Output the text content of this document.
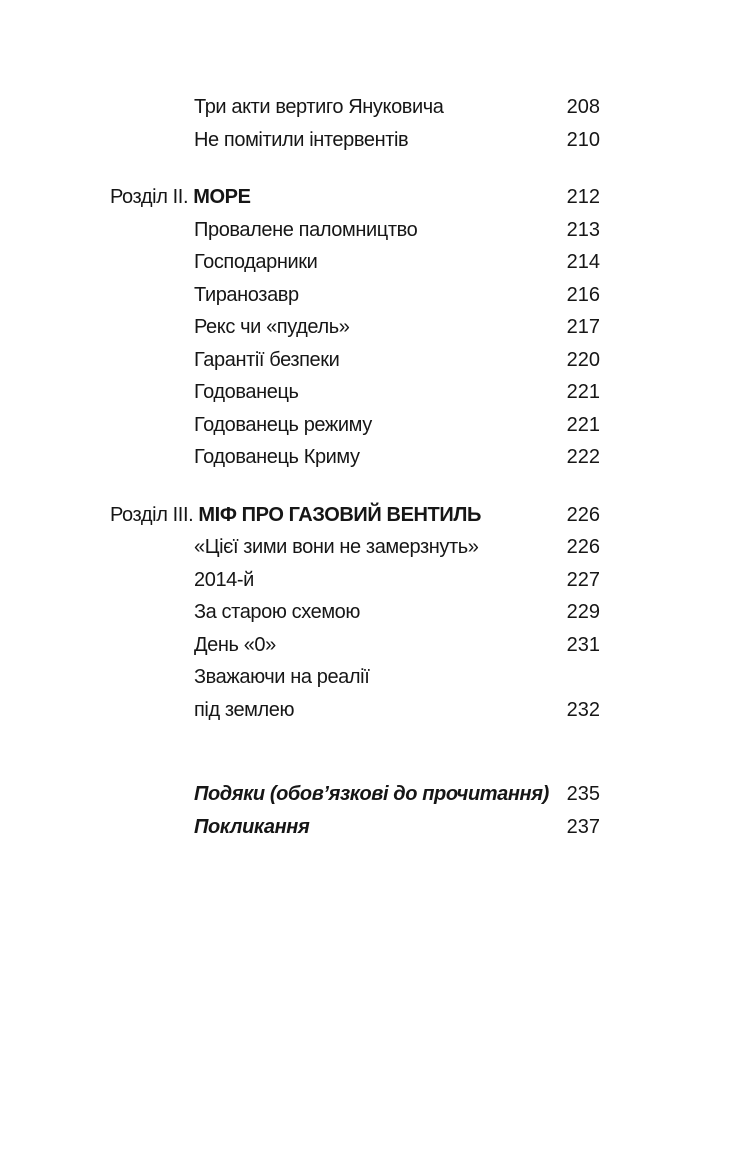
Три акти вертиго Януковича	208
Не помітили інтервентів	210
Розділ II. МОРЕ	212
Провалене паломництво	213
Господарники	214
Тиранозавр	216
Рекс чи «пудель»	217
Гарантії безпеки	220
Годованець	221
Годованець режиму	221
Годованець Криму	222
Розділ III. МІФ ПРО ГАЗОВИЙ ВЕНТИЛЬ	226
«Цієї зими вони не замерзнуть»	226
2014-й	227
За старою схемою	229
День «0»	231
Зважаючи на реалії
під землею	232
Подяки (обов’язкові до прочитання) 235
Покликання	237
